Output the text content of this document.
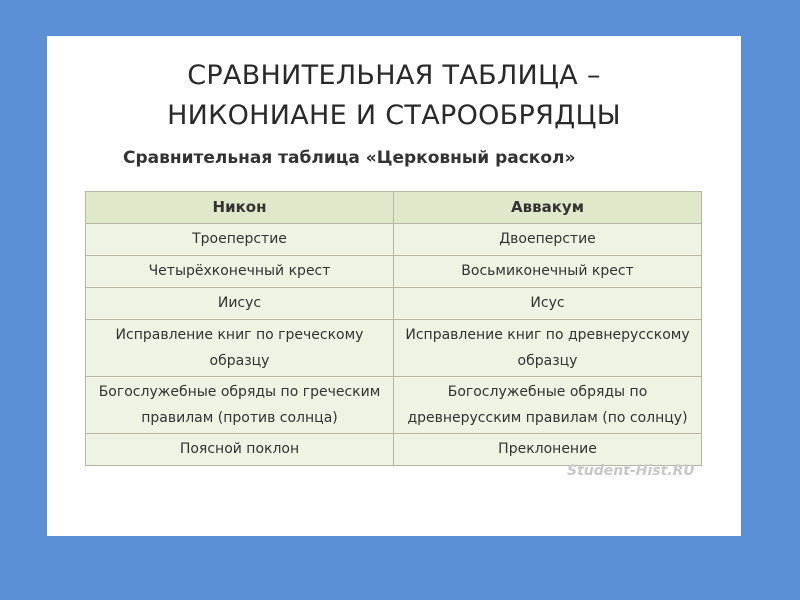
СРАВНИТЕЛЬНАЯ ТАБЛИЦА –
НИКОНИАНЕ И СТАРООБРЯДЦЫ
Сравнительная таблица «Церковный раскол»
Никон	Аввакум
Троеперстие	Двоеперстие
Четырёхконечный крест	Восьмиконечный крест
Иисус	Исус
Исправление книг по греческому образцу	Исправление книг по древнерусскому образцу
Богослужебные обряды по греческим правилам (против солнца)	Богослужебные обряды по древнерусским правилам (по солнцу)
Поясной поклон	Преклонение
Student-Hist.RU
